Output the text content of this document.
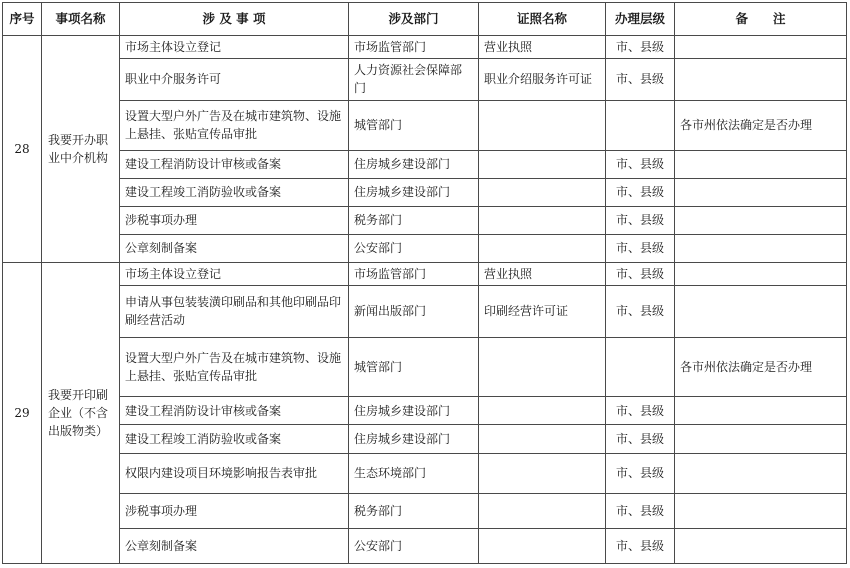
序号	事项名称	涉 及 事 项	涉及部门	证照名称	办理层级	备　　注
28	我要开办职业中介机构	市场主体设立登记	市场监管部门	营业执照	市、县级	
		职业中介服务许可	人力资源社会保障部门	职业介绍服务许可证	市、县级	
		设置大型户外广告及在城市建筑物、设施上悬挂、张贴宣传品审批	城管部门			各市州依法确定是否办理
		建设工程消防设计审核或备案	住房城乡建设部门		市、县级	
		建设工程竣工消防验收或备案	住房城乡建设部门		市、县级	
		涉税事项办理	税务部门		市、县级	
		公章刻制备案	公安部门		市、县级	
29	我要开印刷企业（不含出版物类）	市场主体设立登记	市场监管部门	营业执照	市、县级	
		申请从事包装装潢印刷品和其他印刷品印刷经营活动	新闻出版部门	印刷经营许可证	市、县级	
		设置大型户外广告及在城市建筑物、设施上悬挂、张贴宣传品审批	城管部门			各市州依法确定是否办理
		建设工程消防设计审核或备案	住房城乡建设部门		市、县级	
		建设工程竣工消防验收或备案	住房城乡建设部门		市、县级	
		权限内建设项目环境影响报告表审批	生态环境部门		市、县级	
		涉税事项办理	税务部门		市、县级	
		公章刻制备案	公安部门		市、县级	
